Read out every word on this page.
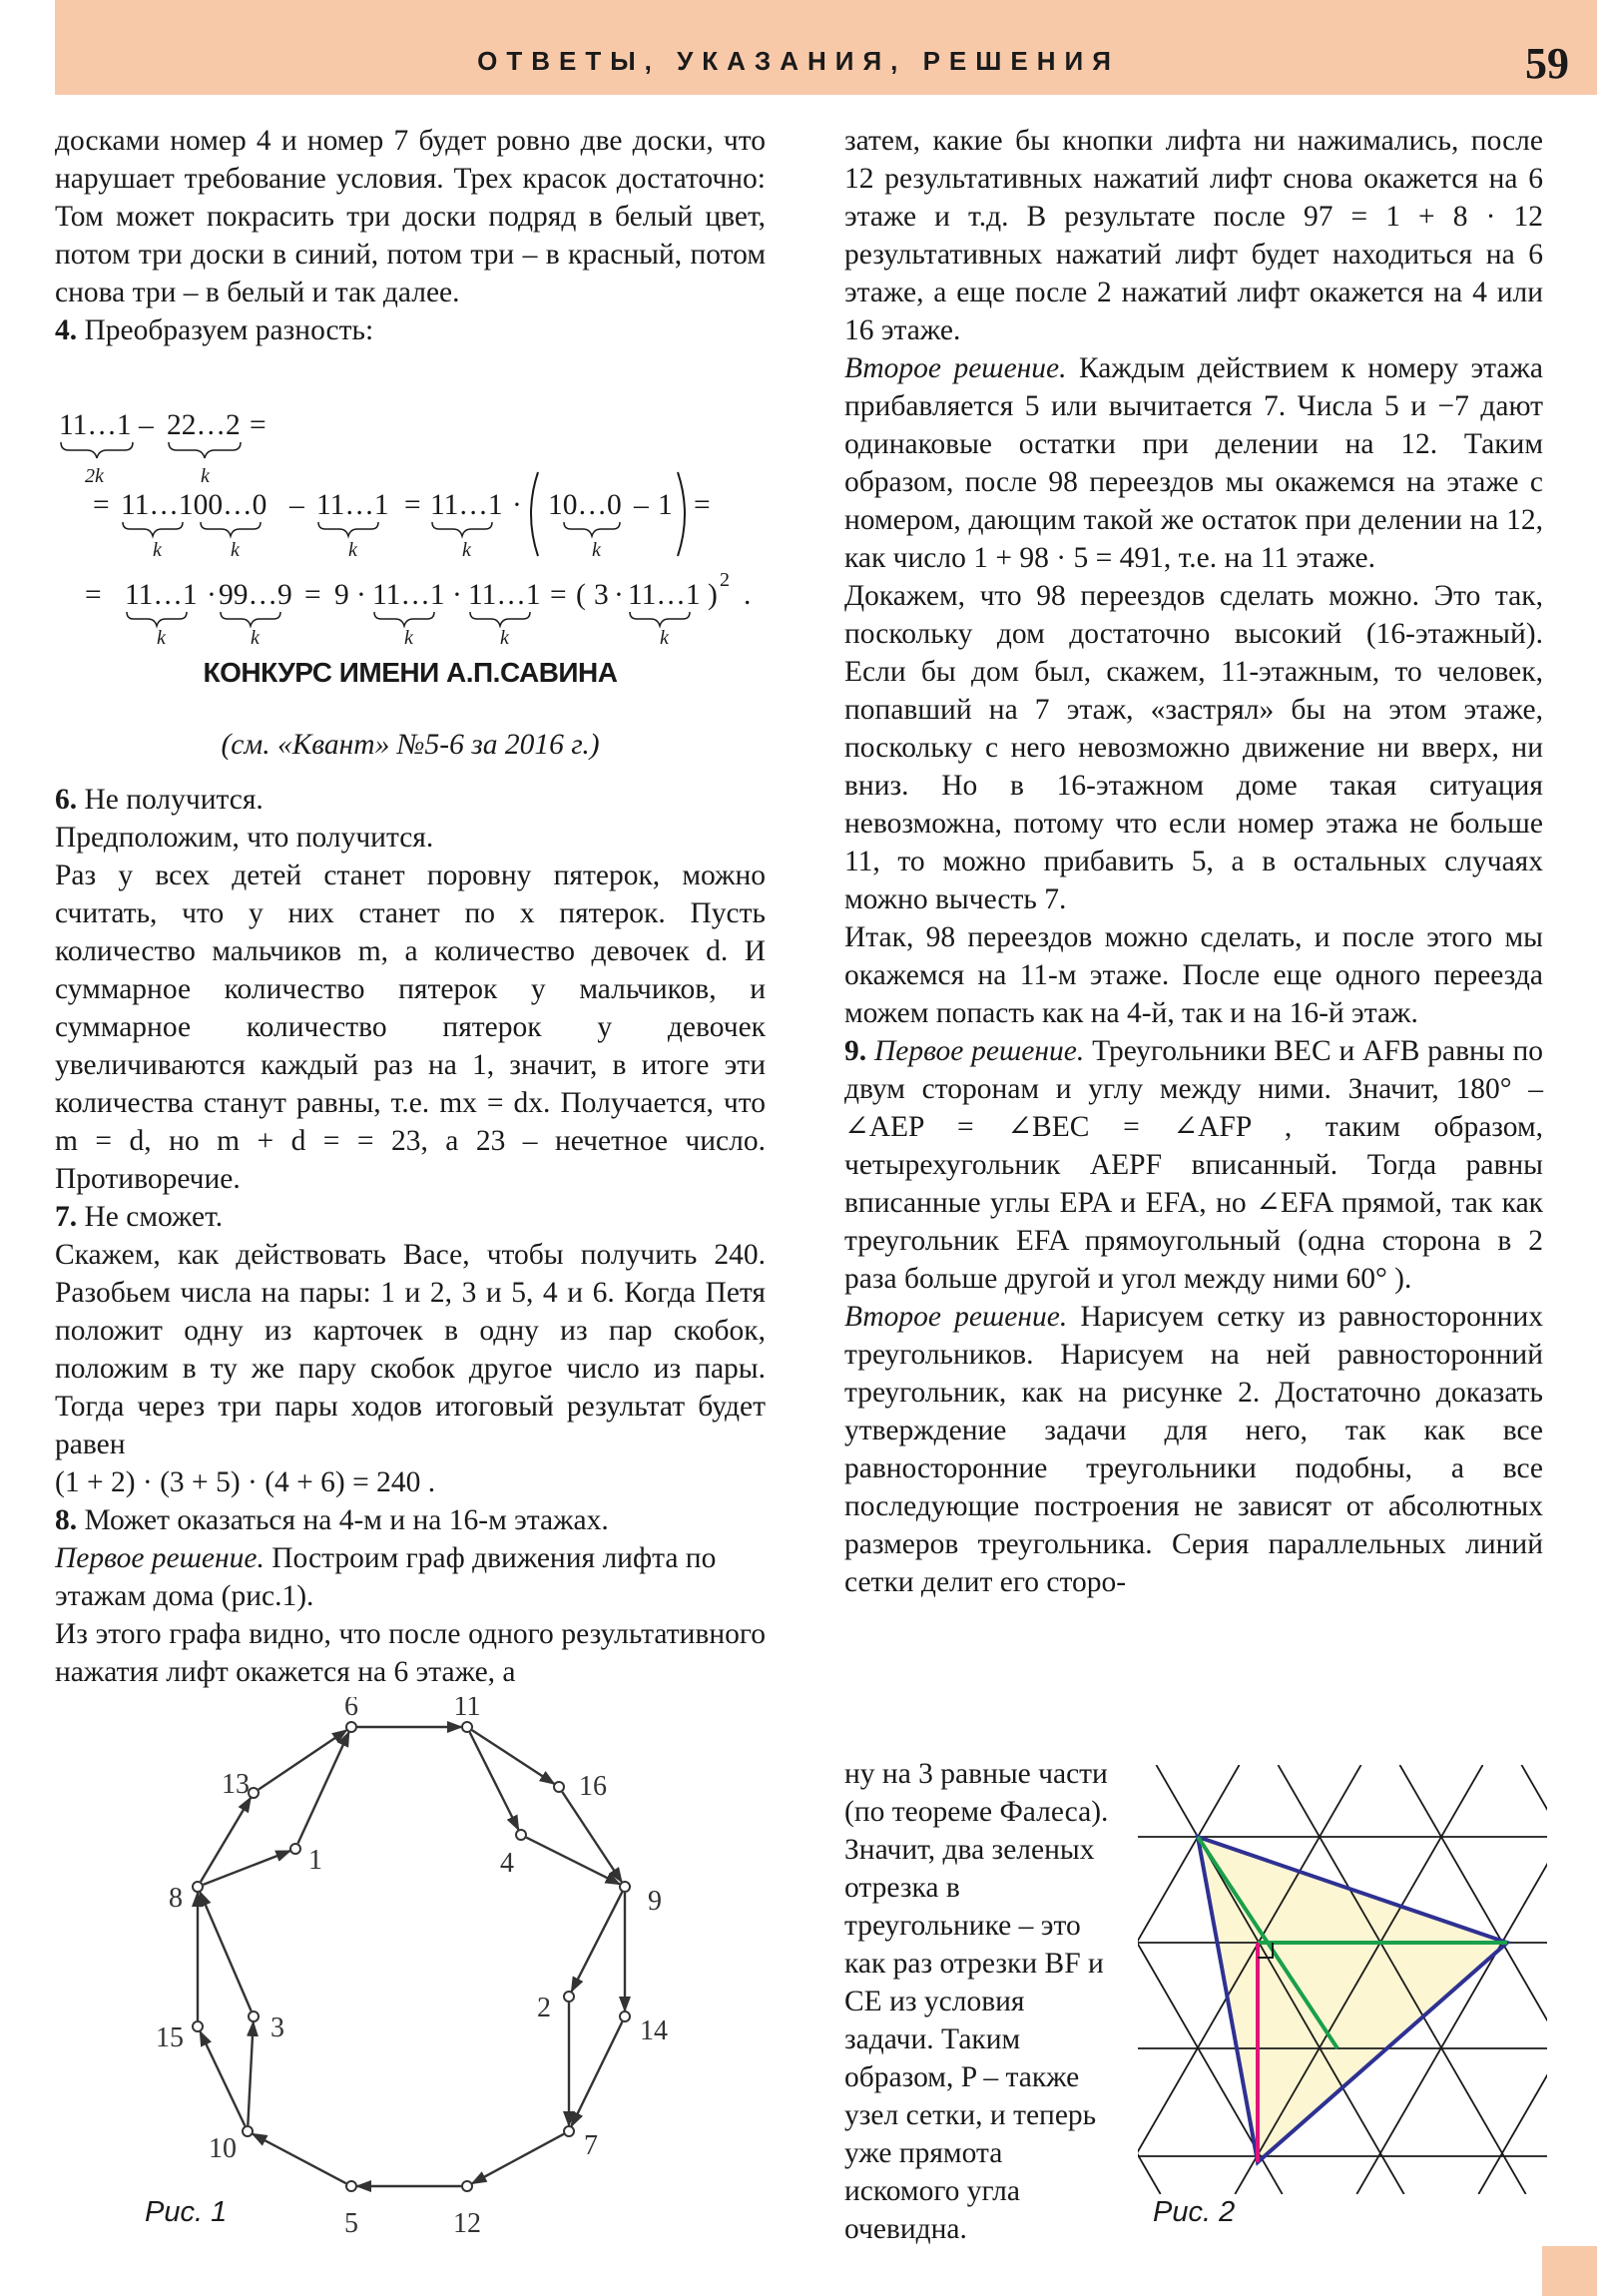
ОТВЕТЫ, УКАЗАНИЯ, РЕШЕНИЯ	59

досками номер 4 и номер 7 будет ровно две доски, что нарушает требование условия. Трех красок достаточно: Том может покрасить три доски подряд в белый цвет, потом три доски в синий, потом три – в красный, потом снова три – в белый и так далее.

4. Преобразуем разность:

11…1 – 22…2 =
2k	k
= 11…100…0 – 11…1 = 11…1 · 10…0 – 1 =
k	k	k	k	k
= 11…1 · 99…9 = 9 · 11…1 · 11…1 = ( 3 · 11…1 ) 2 .
k	k	k	k	k
КОНКУРС ИМЕНИ А.П.САВИНА
(см. «Квант» №5-6 за 2016 г.)

6. Не получится.

Предположим, что получится.

Раз у всех детей станет поровну пятерок, можно считать, что у них станет по x пятерок. Пусть количество мальчиков m, а количество девочек d. И суммарное количество пятерок у мальчиков, и суммарное количество пятерок у девочек увеличиваются каждый раз на 1, значит, в итоге эти количества станут равны, т.е. mx = dx. Получается, что m = d, но m + d = = 23, а 23 – нечетное число. Противоречие.

7. Не сможет.

Скажем, как действовать Васе, чтобы получить 240. Разобьем числа на пары: 1 и 2, 3 и 5, 4 и 6. Когда Петя положит одну из карточек в одну из пар скобок, положим в ту же пару скобок другое число из пары. Тогда через три пары ходов итоговый результат будет равен

(1 + 2) · (3 + 5) · (4 + 6) = 240 .

8. Может оказаться на 4-м и на 16-м этажах.

Первое решение. Построим граф движения лифта по этажам дома (рис.1).

Из этого графа видно, что после одного результативного нажатия лифт окажется на 6 этаже, а

6	11
16
9
14
7
12
5
10
15
8
13
1	4
2
3
Рис. 1

затем, какие бы кнопки лифта ни нажимались, после 12 результативных нажатий лифт снова окажется на 6 этаже и т.д. В результате после 97 = 1 + 8 · 12 результативных нажатий лифт будет находиться на 6 этаже, а еще после 2 нажатий лифт окажется на 4 или 16 этаже.

Второе решение. Каждым действием к номеру этажа прибавляется 5 или вычитается 7. Числа 5 и −7 дают одинаковые остатки при делении на 12. Таким образом, после 98 переездов мы окажемся на этаже с номером, дающим такой же остаток при делении на 12, как число 1 + 98 · 5 = 491, т.е. на 11 этаже.

Докажем, что 98 переездов сделать можно. Это так, поскольку дом достаточно высокий (16-этажный). Если бы дом был, скажем, 11-этажным, то человек, попавший на 7 этаж, «застрял» бы на этом этаже, поскольку с него невозможно движение ни вверх, ни вниз. Но в 16-этажном доме такая ситуация невозможна, потому что если номер этажа не больше 11, то можно прибавить 5, а в остальных случаях можно вычесть 7.

Итак, 98 переездов можно сделать, и после этого мы окажемся на 11-м этаже. После еще одного переезда можем попасть как на 4-й, так и на 16-й этаж.

9. Первое решение. Треугольники BEC и AFB равны по двум сторонам и углу между ними. Значит, 180° – ∠AEP = ∠BEC = ∠AFP , таким образом, четырехугольник AEPF вписанный. Тогда равны вписанные углы EPA и EFA, но ∠EFA прямой, так как треугольник EFA прямоугольный (одна сторона в 2 раза больше другой и угол между ними 60° ).

Второе решение. Нарисуем сетку из равносторонних треугольников. Нарисуем на ней равносторонний треугольник, как на рисунке 2. Достаточно доказать утверждение задачи для него, так как все равносторонние треугольники подобны, а все последующие построения не зависят от абсолютных размеров треугольника. Серия параллельных линий сетки делит его сторо-

ну на 3 равные части (по теореме Фалеса). Значит, два зеленых отрезка в треугольнике – это как раз отрезки BF и CE из условия задачи. Таким образом, P – также узел сетки, и теперь уже прямота искомого угла очевидна.
Рис. 2
